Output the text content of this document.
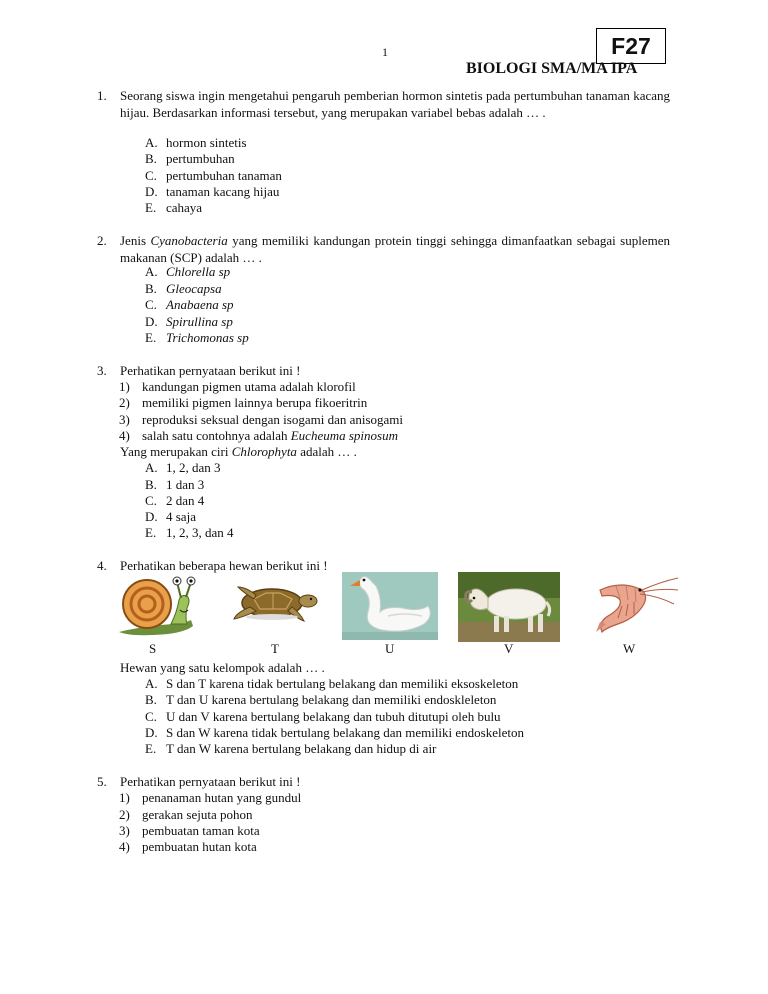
1	F27
BIOLOGI SMA/MA IPA
1. Seorang siswa ingin mengetahui pengaruh pemberian hormon sintetis pada pertumbuhan tanaman kacang hijau. Berdasarkan informasi tersebut, yang merupakan variabel bebas adalah … .
A. hormon sintetis
B. pertumbuhan
C. pertumbuhan tanaman
D. tanaman kacang hijau
E. cahaya
2. Jenis Cyanobacteria yang memiliki kandungan protein tinggi sehingga dimanfaatkan sebagai suplemen makanan (SCP) adalah … .
A. Chlorella sp
B. Gleocapsa
C. Anabaena sp
D. Spirullina sp
E. Trichomonas sp
3. Perhatikan pernyataan berikut ini !
1) kandungan pigmen utama adalah klorofil
2) memiliki pigmen lainnya berupa fikoeritrin
3) reproduksi seksual dengan isogami dan anisogami
4) salah satu contohnya adalah Eucheuma spinosum
Yang merupakan ciri Chlorophyta adalah … .
A. 1, 2, dan 3
B. 1 dan 3
C. 2 dan 4
D. 4 saja
E. 1, 2, 3, dan 4
4. Perhatikan beberapa hewan berikut ini !
S	T	U	V	W
Hewan yang satu kelompok adalah … .
A. S dan T karena tidak bertulang belakang dan memiliki eksoskeleton
B. T dan U karena bertulang belakang dan memiliki endoskleleton
C. U dan V karena bertulang belakang dan tubuh ditutupi oleh bulu
D. S dan W karena tidak bertulang belakang dan memiliki endoskeleton
E. T dan W karena bertulang belakang dan hidup di air
5. Perhatikan pernyataan berikut ini !
1) penanaman hutan yang gundul
2) gerakan sejuta pohon
3) pembuatan taman kota
4) pembuatan hutan kota
